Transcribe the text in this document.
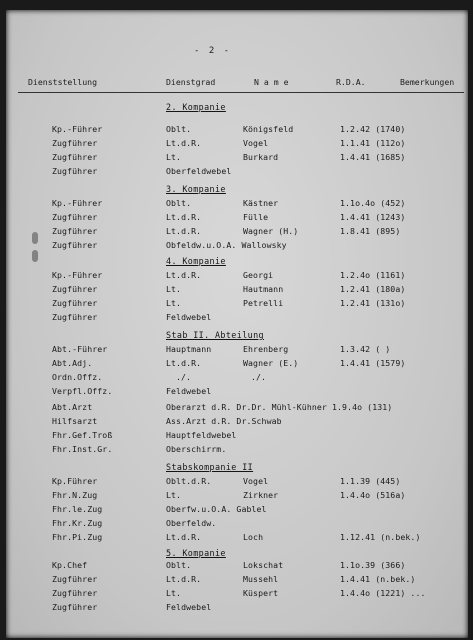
- 2 -
Dienststellung	Dienstgrad	N a m e	R.D.A.	Bemerkungen
2. Kompanie
Kp.-Führer	Oblt.	Königsfeld	1.2.42 (1740)
Zugführer	Lt.d.R.	Vogel	1.1.41 (112o)
Zugführer	Lt.	Burkard	1.4.41 (1685)
Zugführer	Oberfeldwebel
3. Kompanie
Kp.-Führer	Oblt.	Kästner	1.1o.4o (452)
Zugführer	Lt.d.R.	Fülle	1.4.41 (1243)
Zugführer	Lt.d.R.	Wagner (H.)	1.8.41 (895)
Zugführer	Obfeldw.u.O.A. Wallowsky
4. Kompanie
Kp.-Führer	Lt.d.R.	Georgi	1.2.4o (1161)
Zugführer	Lt.	Hautmann	1.2.41 (180a)
Zugführer	Lt.	Petrelli	1.2.41 (131o)
Zugführer	Feldwebel
Stab II. Abteilung
Abt.-Führer	Hauptmann	Ehrenberg	1.3.42 ( )
Abt.Adj.	Lt.d.R.	Wagner (E.)	1.4.41 (1579)
Ordn.Offz.	./.	./.
Verpfl.Offz.	Feldwebel
Abt.Arzt	Oberarzt d.R. Dr.Dr. Mühl-Kühner 1.9.4o (131)
Hilfsarzt	Ass.Arzt d.R. Dr.Schwab
Fhr.Gef.Troß	Hauptfeldwebel
Fhr.Inst.Gr.	Oberschirrm.
Stabskompanie II
Kp.Führer	Oblt.d.R.	Vogel	1.1.39 (445)
Fhr.N.Zug	Lt.	Zirkner	1.4.4o (516a)
Fhr.le.Zug	Oberfw.u.O.A. Gablel
Fhr.Kr.Zug	Oberfeldw.
Fhr.Pi.Zug	Lt.d.R.	Loch	1.12.41 (n.bek.)
5. Kompanie
Kp.Chef	Oblt.	Lokschat	1.1o.39 (366)
Zugführer	Lt.d.R.	Mussehl	1.4.41 (n.bek.)
Zugführer	Lt.	Küspert	1.4.4o (1221) ...
Zugführer	Feldwebel
